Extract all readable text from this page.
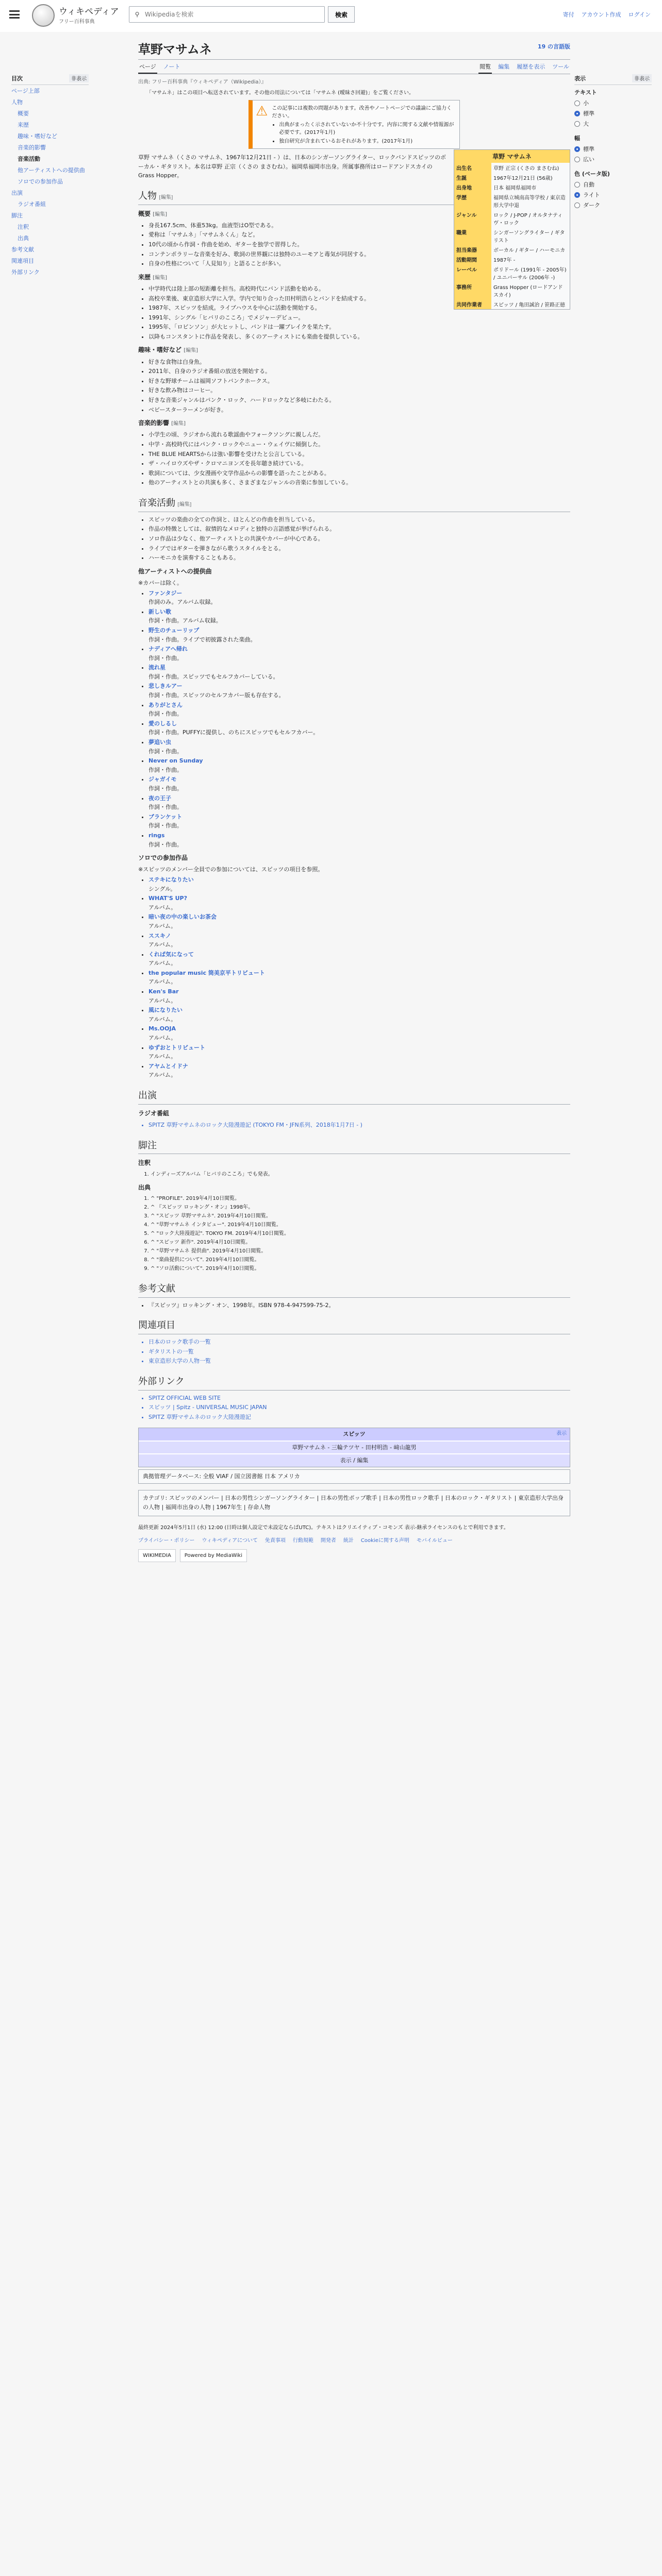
ウィキペディア
フリー百科事典
⚲
Wikipediaを検索	検索	寄付 アカウント作成 ログイン
目次	非表示
ページ上部
人物
概要
来歴
趣味・嗜好など
音楽的影響
音楽活動
他アーティストへの提供曲
ソロでの参加作品
出演
ラジオ番組
脚注
注釈
出典
参考文献
関連項目
外部リンク
表示	非表示
テキスト
小
標準
大
幅
標準
広い
色 (ベータ版)
自動
ライト
ダーク
草野マサムネ	19 の言語版
ページ ノート	閲覧 編集 履歴を表示 ツール
出典: フリー百科事典『ウィキペディア（Wikipedia）』
「マサムネ」はこの項目へ転送されています。その他の用法については「マサムネ (曖昧さ回避)」をご覧ください。
⚠ この記事には複数の問題があります。改善やノートページでの議論にご協力ください。
• 出典がまったく示されていないか不十分です。内容に関する文献や情報源が必要です。(2017年1月)
• 独自研究が含まれているおそれがあります。(2017年1月)
草野 マサムネ
出生名	草野 正宗 (くさの まさむね)
生誕	1967年12月21日 (56歳)
出身地	日本 福岡県福岡市
学歴	福岡県立城南高等学校 / 東京造形大学中退
ジャンル	ロック / J-POP / オルタナティヴ・ロック
職業	シンガーソングライター / ギタリスト
担当楽器	ボーカル / ギター / ハーモニカ
活動期間	1987年 -
レーベル	ポリドール (1991年 - 2005年) / ユニバーサル (2006年 -)
事務所	Grass Hopper (ロードアンドスカイ)
共同作業者	スピッツ / 亀田誠治 / 笹路正徳

草野 マサムネ（くさの マサムネ、1967年12月21日 - ）は、日本のシンガーソングライター、ロックバンドスピッツのボーカル・ギタリスト。本名は草野 正宗（くさの まさむね）。福岡県福岡市出身。所属事務所はロードアンドスカイのGrass Hopper。

人物 [編集]
概要 [編集]
• 身長167.5cm、体重53kg。血液型はO型である。
• 愛称は「マサムネ」「マサムネくん」など。
• 10代の頃から作詞・作曲を始め、ギターを独学で習得した。
• コンテンポラリーな音楽を好み、歌詞の世界観には独特のユーモアと毒気が同居する。
• 自身の性格について「人見知り」と語ることが多い。
来歴 [編集]
• 中学時代は陸上部の短距離を担当。高校時代にバンド活動を始める。
• 高校卒業後、東京造形大学に入学。学内で知り合った田村明浩らとバンドを結成する。
• 1987年、スピッツを結成。ライブハウスを中心に活動を開始する。
• 1991年、シングル「ヒバリのこころ」でメジャーデビュー。
• 1995年、「ロビンソン」が大ヒットし、バンドは一躍ブレイクを果たす。
• 以降もコンスタントに作品を発表し、多くのアーティストにも楽曲を提供している。
趣味・嗜好など [編集]
• 好きな食物は白身魚。
• 2011年、自身のラジオ番組の放送を開始する。
• 好きな野球チームは福岡ソフトバンクホークス。
• 好きな飲み物はコーヒー。
• 好きな音楽ジャンルはパンク・ロック、ハードロックなど多岐にわたる。
• ベビースターラーメンが好き。
音楽的影響 [編集]
• 小学生の頃、ラジオから流れる歌謡曲やフォークソングに親しんだ。
• 中学・高校時代にはパンク・ロックやニュー・ウェイヴに傾倒した。
• THE BLUE HEARTSからは強い影響を受けたと公言している。
• ザ・ハイロウズやザ・クロマニヨンズを長年聴き続けている。
• 歌詞については、少女漫画や文学作品からの影響を語ったことがある。
• 他のアーティストとの共演も多く、さまざまなジャンルの音楽に参加している。
音楽活動 [編集]
• スピッツの楽曲の全ての作詞と、ほとんどの作曲を担当している。
• 作品の特徴としては、叙情的なメロディと独特の言語感覚が挙げられる。
• ソロ作品は少なく、他アーティストとの共演やカバーが中心である。
• ライブではギターを弾きながら歌うスタイルをとる。
• ハーモニカを演奏することもある。
他アーティストへの提供曲
※カバーは除く。
• ファンタジー
作詞のみ。アルバム収録。
• 新しい歌
作詞・作曲。アルバム収録。
• 野生のチューリップ
作詞・作曲。ライブで初披露された楽曲。
• ナディアへ帰れ
作詞・作曲。
• 流れ星
作詞・作曲。スピッツでもセルフカバーしている。
• 悲しきルアー
作詞・作曲。スピッツのセルフカバー版も存在する。
• ありがとさん
作詞・作曲。
• 愛のしるし
作詞・作曲。PUFFYに提供し、のちにスピッツでもセルフカバー。
• 夢追い虫
作詞・作曲。
• Never on Sunday
作詞・作曲。
• ジャガイモ
作詞・作曲。
• 夜の王子
作詞・作曲。
• ブランケット
作詞・作曲。
• rings
作詞・作曲。
ソロでの参加作品
※スピッツのメンバー全員での参加については、スピッツの項目を参照。
• ステキになりたい
シングル。
• WHAT'S UP?
アルバム。
• 暗い夜の中の楽しいお茶会
アルバム。
• ススキノ
アルバム。
• くれば気になって
アルバム。
• the popular music 筒美京平トリビュート
アルバム。
• Ken's Bar
アルバム。
• 風になりたい
アルバム。
• Ms.OOJA
アルバム。
• ゆずおとトリビュート
アルバム。
• アヤムとイドナ
アルバム。
出演
ラジオ番組
• SPITZ 草野マサムネのロック大陸漫遊記 (TOKYO FM・JFN系列、2018年1月7日 - )
脚注
注釈
1. インディーズアルバム「ヒバリのこころ」でも発表。
出典
1. ^ "PROFILE". 2019年4月10日閲覧。
2. ^ 『スピッツ ロッキング・オン』1998年。
3. ^ "スピッツ 草野マサムネ". 2019年4月10日閲覧。
4. ^ "草野マサムネ インタビュー". 2019年4月10日閲覧。
5. ^ "ロック大陸漫遊記". TOKYO FM. 2019年4月10日閲覧。
6. ^ "スピッツ 新作". 2019年4月10日閲覧。
7. ^ "草野マサムネ 提供曲". 2019年4月10日閲覧。
8. ^ "楽曲提供について". 2019年4月10日閲覧。
9. ^ "ソロ活動について". 2019年4月10日閲覧。
参考文献
• 『スピッツ』ロッキング・オン、1998年。ISBN 978-4-947599-75-2。
関連項目
• 日本のロック歌手の一覧
• ギタリストの一覧
• 東京造形大学の人物一覧
外部リンク
• SPITZ OFFICIAL WEB SITE
• スピッツ | Spitz - UNIVERSAL MUSIC JAPAN
• SPITZ 草野マサムネのロック大陸漫遊記
スピッツ	表示
草野マサムネ - 三輪テツヤ - 田村明浩 - 﨑山龍男
表示 / 編集
典拠管理データベース: 全般 VIAF / 国立図書館 日本 アメリカ
カテゴリ: スピッツのメンバー | 日本の男性シンガーソングライター | 日本の男性ポップ歌手 | 日本の男性ロック歌手 | 日本のロック・ギタリスト | 東京造形大学出身の人物 | 福岡市出身の人物 | 1967年生 | 存命人物
最終更新 2024年5月1日 (水) 12:00 (日時は個人設定で未設定ならばUTC)。テキストはクリエイティブ・コモンズ 表示-継承ライセンスのもとで利用できます。
プライバシー・ポリシー ウィキペディアについて 免責事項 行動規範 開発者 統計 Cookieに関する声明 モバイルビュー
WIKIMEDIA	Powered by MediaWiki
